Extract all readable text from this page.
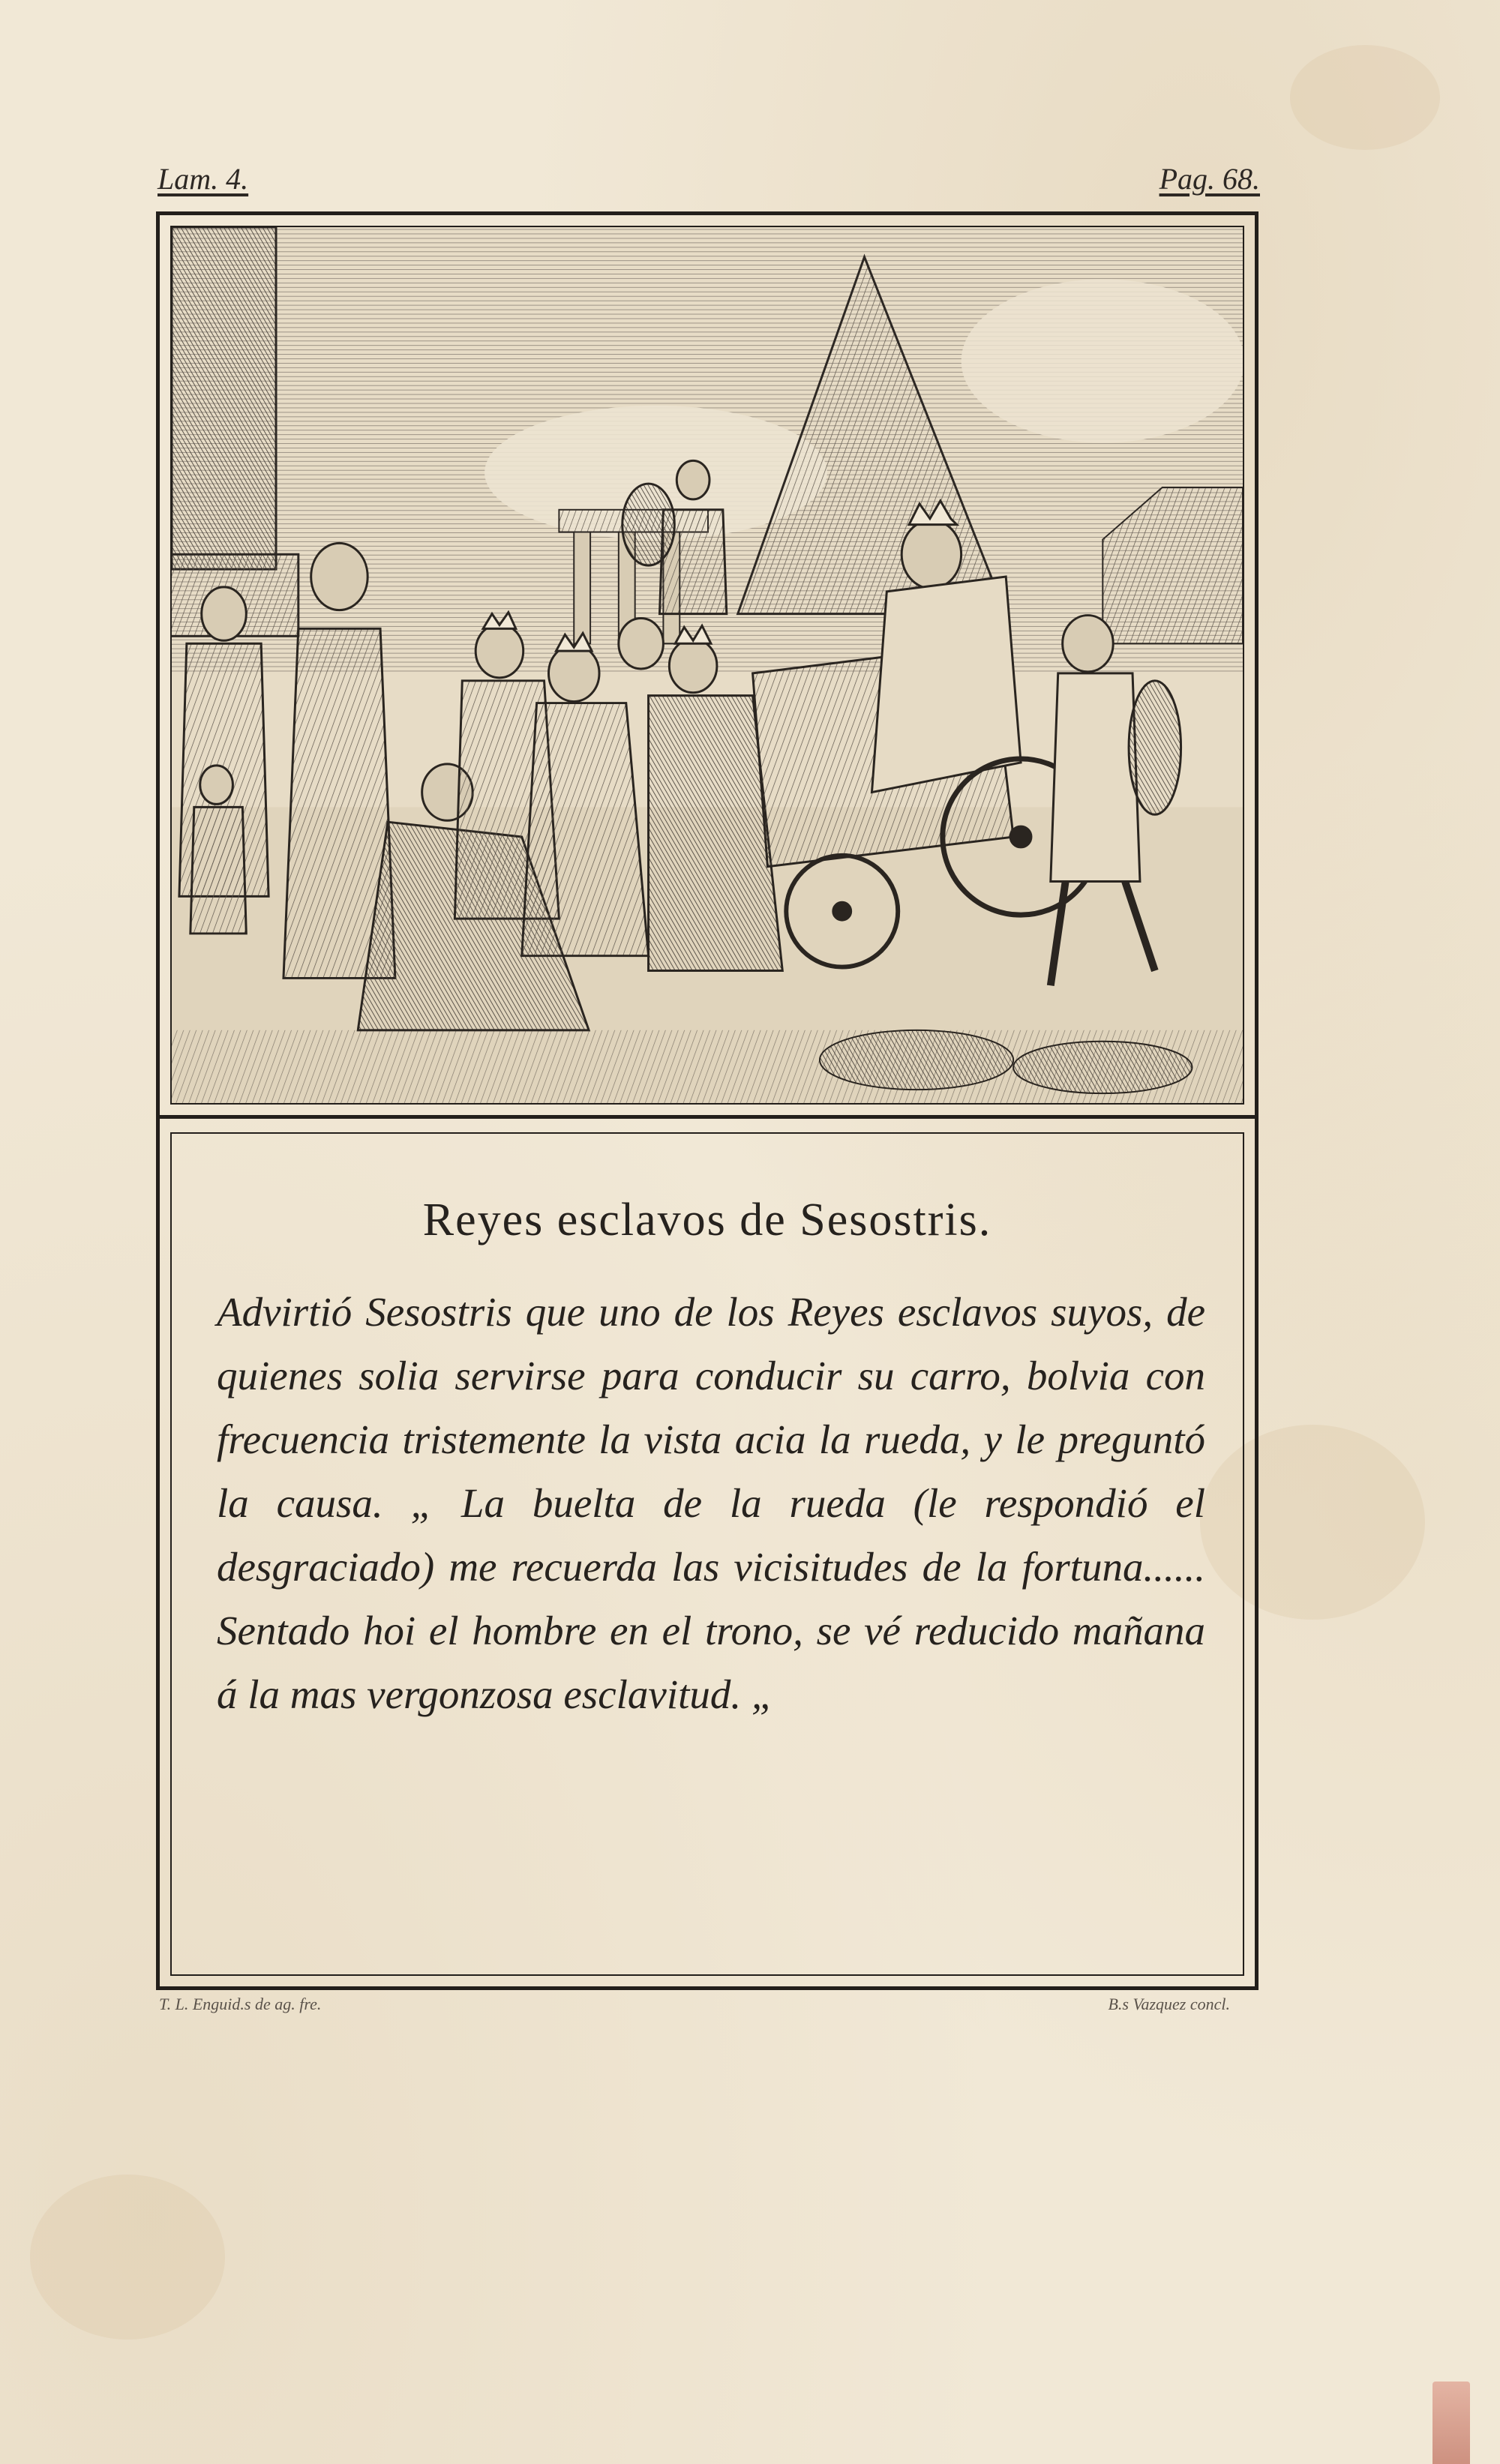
Lam. 4.	Pag. 68.
Reyes esclavos de Sesostris.
Advirtió Sesostris que uno de los Reyes esclavos suyos, de quienes solia servirse para conducir su carro, bolvia con frecuencia tristemente la vista acia la rueda, y le preguntó la causa. „ La buelta de la rueda (le respondió el desgraciado) me recuerda las vicisitudes de la fortuna...... Sentado hoi el hombre en el trono, se vé reducido mañana á la mas vergonzosa esclavitud. „
T. L. Enguid.s de ag. fre.	B.s Vazquez concl.
